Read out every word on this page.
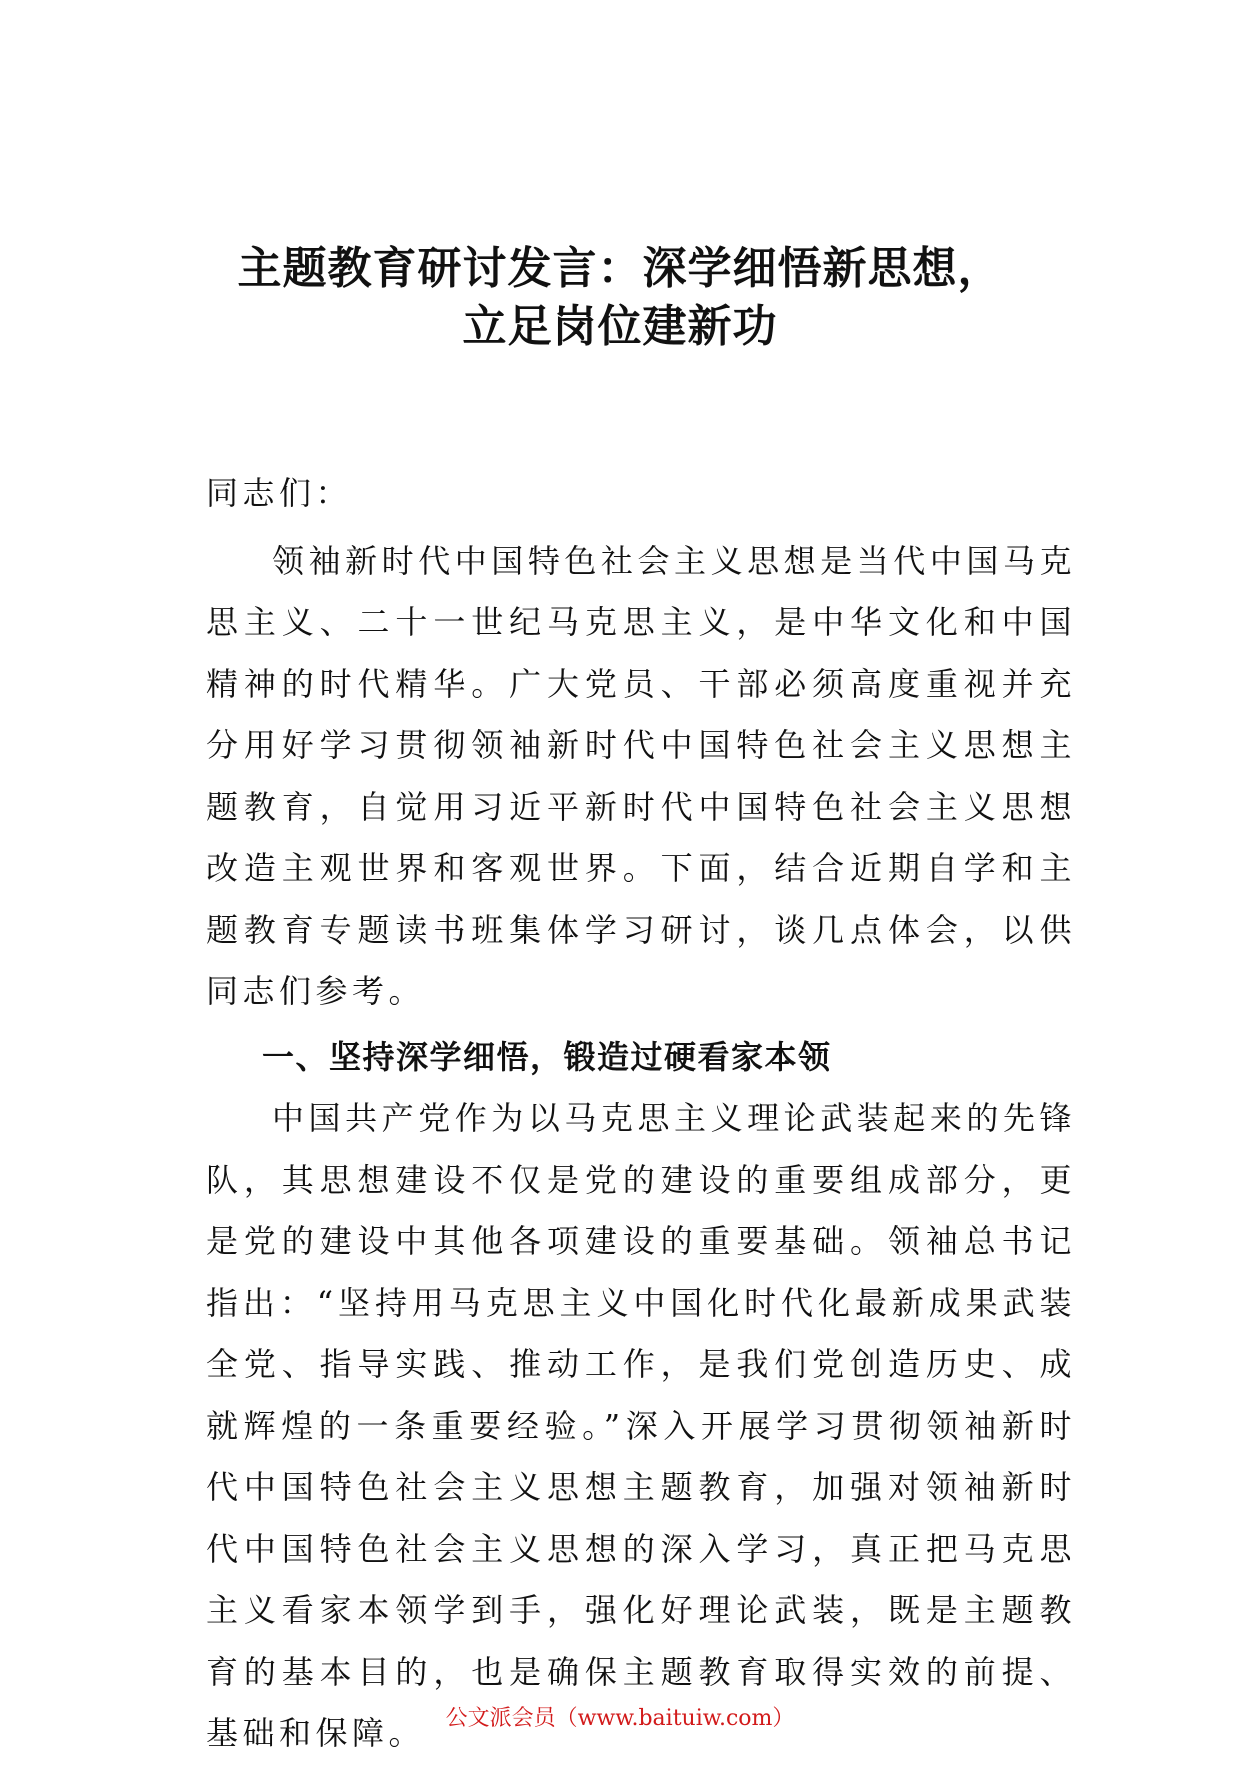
主题教育研讨发言：深学细悟新思想，
立足岗位建新功

同志们：

领袖新时代中国特色社会主义思想是当代中国马克思主义、二十一世纪马克思主义，是中华文化和中国精神的时代精华。广大党员、干部必须高度重视并充分用好学习贯彻领袖新时代中国特色社会主义思想主题教育，自觉用习近平新时代中国特色社会主义思想改造主观世界和客观世界。下面，结合近期自学和主题教育专题读书班集体学习研讨，谈几点体会，以供同志们参考。

一、坚持深学细悟，锻造过硬看家本领

中国共产党作为以马克思主义理论武装起来的先锋队，其思想建设不仅是党的建设的重要组成部分，更是党的建设中其他各项建设的重要基础。领袖总书记指出：“坚持用马克思主义中国化时代化最新成果武装全党、指导实践、推动工作，是我们党创造历史、成就辉煌的一条重要经验。”深入开展学习贯彻领袖新时代中国特色社会主义思想主题教育，加强对领袖新时代中国特色社会主义思想的深入学习，真正把马克思主义看家本领学到手，强化好理论武装，既是主题教育的基本目的，也是确保主题教育取得实效的前提、基础和保障。 公文派会员（www.baituiw.com）
